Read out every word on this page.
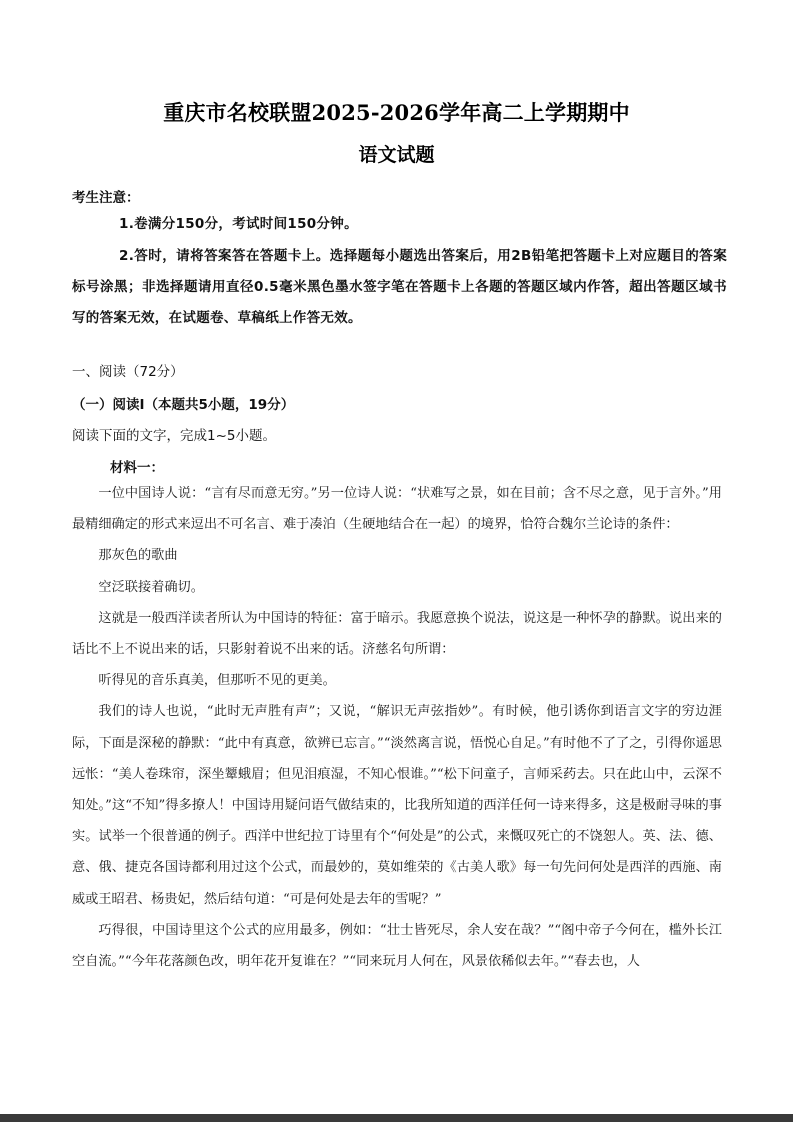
重庆市名校联盟2025-2026学年高二上学期期中
语文试题
考生注意：
1.卷满分150分，考试时间150分钟。
2.答时，请将答案答在答题卡上。选择题每小题选出答案后，用2B铅笔把答题卡上对应题目的答案标号涂黑；非选择题请用直径0.5毫米黑色墨水签字笔在答题卡上各题的答题区域内作答，超出答题区域书写的答案无效，在试题卷、草稿纸上作答无效。
一、阅读（72分）
（一）阅读Ⅰ（本题共5小题，19分）
阅读下面的文字，完成1~5小题。
材料一：

一位中国诗人说：“言有尽而意无穷。”另一位诗人说：“状难写之景，如在目前；含不尽之意，见于言外。”用最精细确定的形式来逗出不可名言、难于凑泊（生硬地结合在一起）的境界，恰符合魏尔兰论诗的条件：

那灰色的歌曲

空泛联接着确切。

这就是一般西洋读者所认为中国诗的特征：富于暗示。我愿意换个说法，说这是一种怀孕的静默。说出来的话比不上不说出来的话，只影射着说不出来的话。济慈名句所谓：

听得见的音乐真美，但那听不见的更美。

我们的诗人也说，“此时无声胜有声”；又说，“解识无声弦指妙”。有时候，他引诱你到语言文字的穷边涯际，下面是深秘的静默：“此中有真意，欲辨已忘言。”“淡然离言说，悟悦心自足。”有时他不了了之，引得你遥思远怅：“美人卷珠帘，深坐颦蛾眉；但见泪痕湿，不知心恨谁。”“松下问童子，言师采药去。只在此山中，云深不知处。”这“不知”得多撩人！中国诗用疑问语气做结束的，比我所知道的西洋任何一诗来得多，这是极耐寻味的事实。试举一个很普通的例子。西洋中世纪拉丁诗里有个“何处是”的公式，来慨叹死亡的不饶恕人。英、法、德、意、俄、捷克各国诗都利用过这个公式，而最妙的，莫如维荣的《古美人歌》每一句先问何处是西洋的西施、南威或王昭君、杨贵妃，然后结句道：“可是何处是去年的雪呢？”

巧得很，中国诗里这个公式的应用最多，例如：“壮士皆死尽，余人安在哉？”“阁中帝子今何在，槛外长江空自流。”“今年花落颜色改，明年花开复谁在？”“同来玩月人何在，风景依稀似去年。”“春去也，人
